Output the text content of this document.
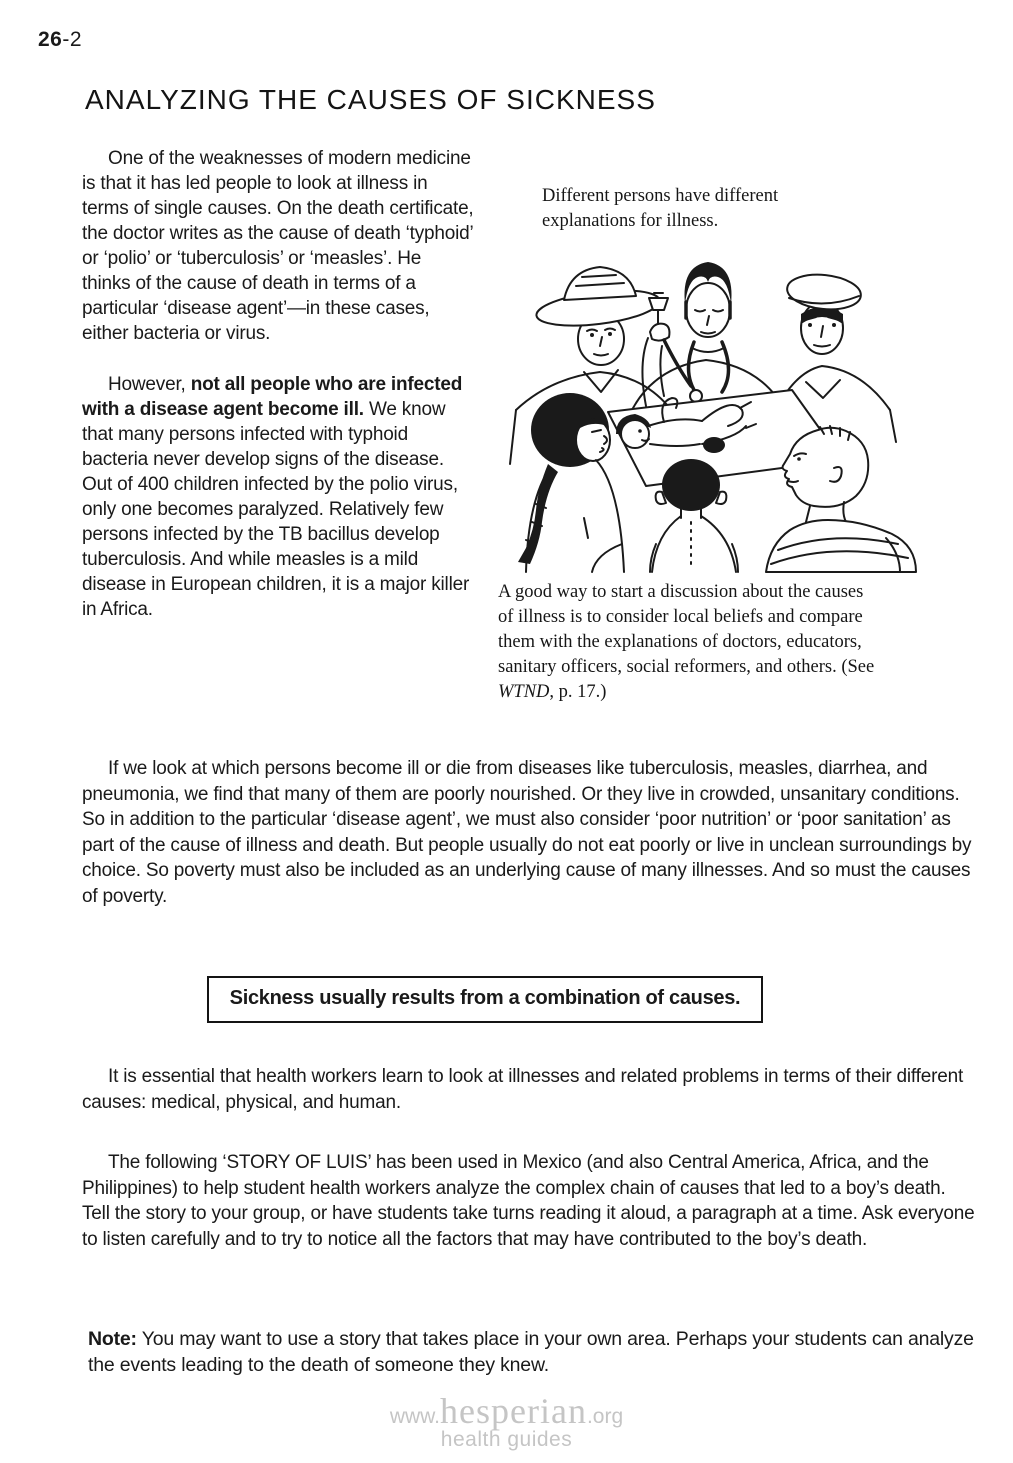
26-2
ANALYZING THE CAUSES OF SICKNESS

One of the weaknesses of modern medicine is that it has led people to look at illness in terms of single causes. On the death certificate, the doctor writes as the cause of death ‘typhoid’ or ‘polio’ or ‘tuberculosis’ or ‘measles’. He thinks of the cause of death in terms of a particular ‘disease agent’—in these cases, either bacteria or virus.

However, not all people who are infected with a disease agent become ill. We know that many persons infected with typhoid bacteria never develop signs of the disease. Out of 400 children infected by the polio virus, only one becomes paralyzed. Relatively few persons infected by the TB bacillus develop tuberculosis. And while measles is a mild disease in European children, it is a major killer in Africa.

Different persons have different explanations for illness.
A good way to start a discussion about the causes of illness is to consider local beliefs and compare them with the explanations of doctors, educators, sanitary officers, social reformers, and others. (See WTND, p. 17.)

If we look at which persons become ill or die from diseases like tuberculosis, measles, diarrhea, and pneumonia, we find that many of them are poorly nourished. Or they live in crowded, unsanitary conditions. So in addition to the particular ‘disease agent’, we must also consider ‘poor nutrition’ or ‘poor sanitation’ as part of the cause of illness and death. But people usually do not eat poorly or live in unclean surroundings by choice. So poverty must also be included as an underlying cause of many illnesses. And so must the causes of poverty.

Sickness usually results from a combination of causes.

It is essential that health workers learn to look at illnesses and related problems in terms of their different causes: medical, physical, and human.

The following ‘STORY OF LUIS’ has been used in Mexico (and also Central America, Africa, and the Philippines) to help student health workers analyze the complex chain of causes that led to a boy’s death. Tell the story to your group, or have students take turns reading it aloud, a paragraph at a time. Ask everyone to listen carefully and to try to notice all the factors that may have contributed to the boy’s death.

Note: You may want to use a story that takes place in your own area. Perhaps your students can analyze the events leading to the death of someone they knew.

www.hesperian.org
health guides
